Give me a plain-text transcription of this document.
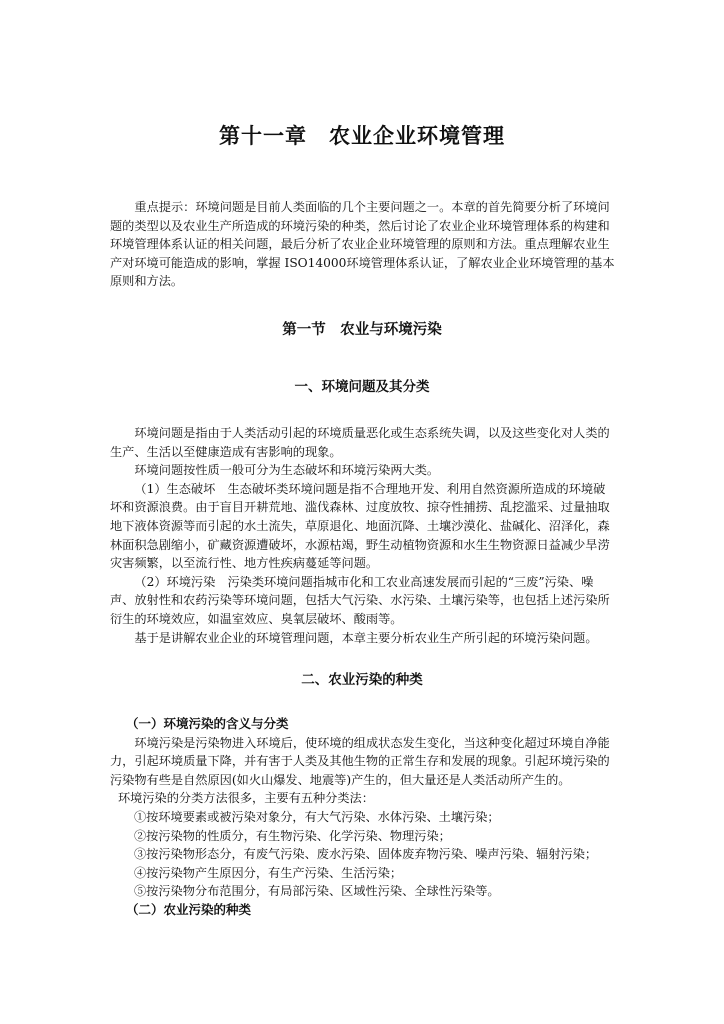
第十一章　农业企业环境管理

重点提示：环境问题是目前人类面临的几个主要问题之一。本章的首先简要分析了环境问题的类型以及农业生产所造成的环境污染的种类，然后讨论了农业企业环境管理体系的构建和环境管理体系认证的相关问题，最后分析了农业企业环境管理的原则和方法。重点理解农业生产对环境可能造成的影响，掌握 ISO14000环境管理体系认证，了解农业企业环境管理的基本原则和方法。

第一节　农业与环境污染
一、环境问题及其分类

环境问题是指由于人类活动引起的环境质量恶化或生态系统失调，以及这些变化对人类的生产、生活以至健康造成有害影响的现象。

环境问题按性质一般可分为生态破坏和环境污染两大类。

（1）生态破坏　生态破坏类环境问题是指不合理地开发、利用自然资源所造成的环境破坏和资源浪费。由于盲目开耕荒地、滥伐森林、过度放牧、掠夺性捕捞、乱挖滥采、过量抽取地下液体资源等而引起的水土流失，草原退化、地面沉降、土壤沙漠化、盐碱化、沼泽化，森林面积急剧缩小，矿藏资源遭破坏，水源枯竭，野生动植物资源和水生生物资源日益减少旱涝灾害频繁，以至流行性、地方性疾病蔓延等问题。

（2）环境污染　污染类环境问题指城市化和工农业高速发展而引起的“三废”污染、噪声、放射性和农药污染等环境问题，包括大气污染、水污染、土壤污染等，也包括上述污染所衍生的环境效应，如温室效应、臭氧层破坏、酸雨等。

基于是讲解农业企业的环境管理问题，本章主要分析农业生产所引起的环境污染问题。

二、农业污染的种类

（一）环境污染的含义与分类

环境污染是污染物进入环境后，使环境的组成状态发生变化，当这种变化超过环境自净能力，引起环境质量下降，并有害于人类及其他生物的正常生存和发展的现象。引起环境污染的污染物有些是自然原因(如火山爆发、地震等)产生的，但大量还是人类活动所产生的。

环境污染的分类方法很多，主要有五种分类法：

①按环境要素或被污染对象分，有大气污染、水体污染、土壤污染；

②按污染物的性质分，有生物污染、化学污染、物理污染；

③按污染物形态分，有废气污染、废水污染、固体废弃物污染、噪声污染、辐射污染；

④按污染物产生原因分，有生产污染、生活污染；

⑤按污染物分布范围分，有局部污染、区域性污染、全球性污染等。

（二）农业污染的种类
